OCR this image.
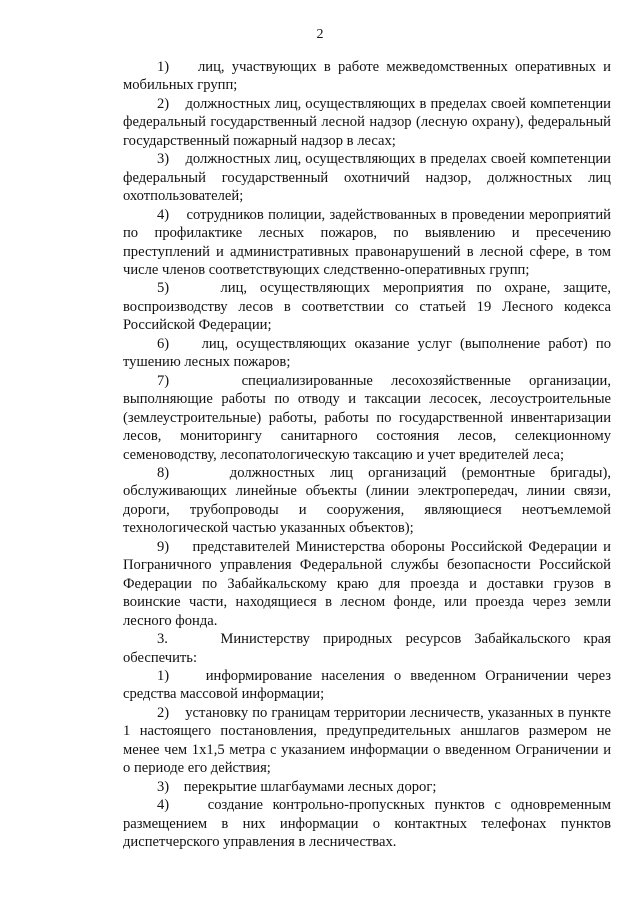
2

1)    лиц, участвующих в работе межведомственных оперативных и мобильных групп;

2)    должностных лиц, осуществляющих в пределах своей компетенции федеральный государственный лесной надзор (лесную охрану), федеральный государственный пожарный надзор в лесах;

3)    должностных лиц, осуществляющих в пределах своей компетенции федеральный государственный охотничий надзор, должностных лиц охотпользователей;

4)    сотрудников полиции, задействованных в проведении мероприятий по профилактике лесных пожаров, по выявлению и пресечению преступлений и административных правонарушений в лесной сфере, в том числе членов соответствующих следственно-оперативных групп;

5)    лиц, осуществляющих мероприятия по охране, защите, воспроизводству лесов в соответствии со статьей 19 Лесного кодекса Российской Федерации;

6)    лиц, осуществляющих оказание услуг (выполнение работ) по тушению лесных пожаров;

7)    специализированные лесохозяйственные организации, выполняющие работы по отводу и таксации лесосек, лесоустроительные (землеустроительные) работы, работы по государственной инвентаризации лесов, мониторингу санитарного состояния лесов, селекционному семеноводству, лесопатологическую таксацию и учет вредителей леса;

8)    должностных лиц организаций (ремонтные бригады), обслуживающих линейные объекты (линии электропередач, линии связи, дороги, трубопроводы и сооружения, являющиеся неотъемлемой технологической частью указанных объектов);

9)    представителей Министерства обороны Российской Федерации и Пограничного управления Федеральной службы безопасности Российской Федерации по Забайкальскому краю для проезда и доставки грузов в воинские части, находящиеся в лесном фонде, или проезда через земли лесного фонда.

3.    Министерству природных ресурсов Забайкальского края обеспечить:

1)    информирование населения о введенном Ограничении через средства массовой информации;

2)    установку по границам территории лесничеств, указанных в пункте 1 настоящего постановления, предупредительных аншлагов размером не менее чем 1х1,5 метра с указанием информации о введенном Ограничении и о периоде его действия;

3)    перекрытие шлагбаумами лесных дорог;

4)    создание контрольно-пропускных пунктов с одновременным размещением в них информации о контактных телефонах пунктов диспетчерского управления в лесничествах.
